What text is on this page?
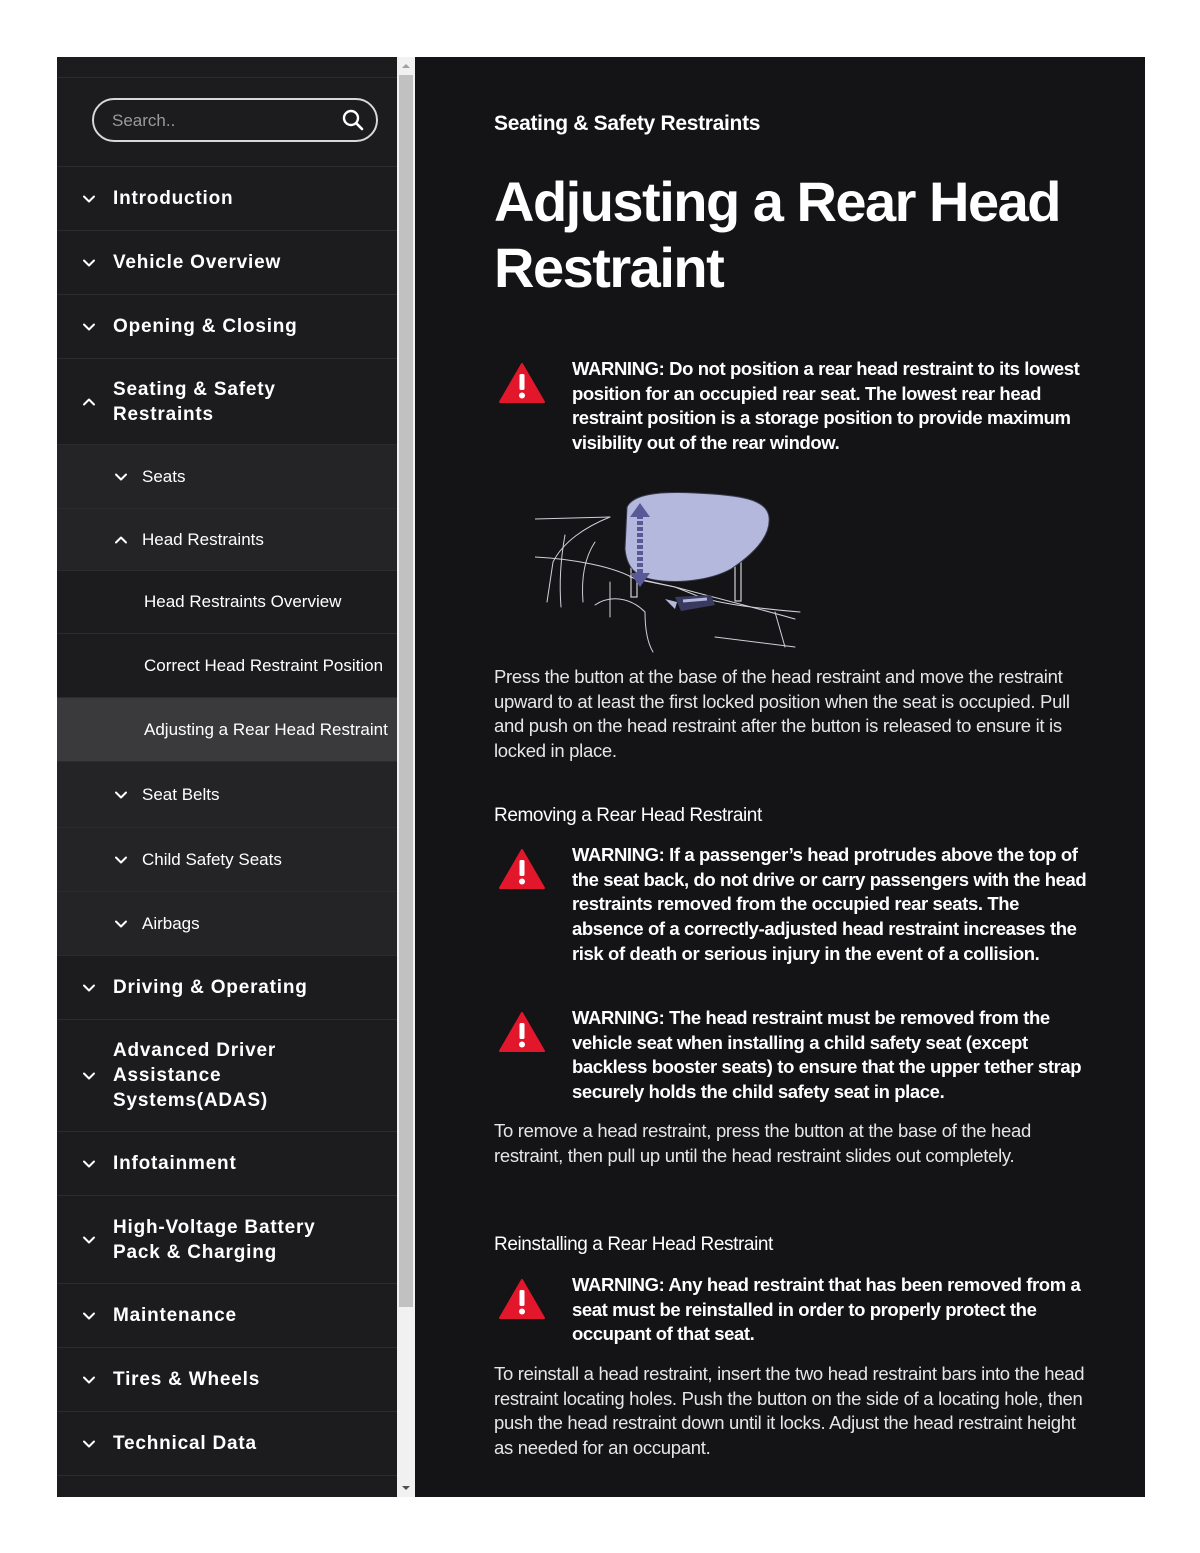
Search..
Introduction
Vehicle Overview
Opening & Closing
Seating & Safety Restraints
Seats
Head Restraints
Head Restraints Overview
Correct Head Restraint Position
Adjusting a Rear Head Restraint
Seat Belts
Child Safety Seats
Airbags
Driving & Operating
Advanced Driver Assistance Systems(ADAS)
Infotainment
High-Voltage Battery Pack & Charging
Maintenance
Tires & Wheels
Technical Data
Seating & Safety Restraints
Adjusting a Rear Head Restraint
WARNING: Do not position a rear head restraint to its lowest position for an occupied rear seat. The lowest rear head restraint position is a storage position to provide maximum visibility out of the rear window.

Press the button at the base of the head restraint and move the restraint upward to at least the first locked position when the seat is occupied. Pull and push on the head restraint after the button is released to ensure it is locked in place.

Removing a Rear Head Restraint
WARNING: If a passenger’s head protrudes above the top of the seat back, do not drive or carry passengers with the head restraints removed from the occupied rear seats. The absence of a correctly-adjusted head restraint increases the risk of death or serious injury in the event of a collision.
WARNING: The head restraint must be removed from the vehicle seat when installing a child safety seat (except backless booster seats) to ensure that the upper tether strap securely holds the child safety seat in place.

To remove a head restraint, press the button at the base of the head restraint, then pull up until the head restraint slides out completely.

Reinstalling a Rear Head Restraint
WARNING: Any head restraint that has been removed from a seat must be reinstalled in order to properly protect the occupant of that seat.

To reinstall a head restraint, insert the two head restraint bars into the head restraint locating holes. Push the button on the side of a locating hole, then push the head restraint down until it locks. Adjust the head restraint height as needed for an occupant.
